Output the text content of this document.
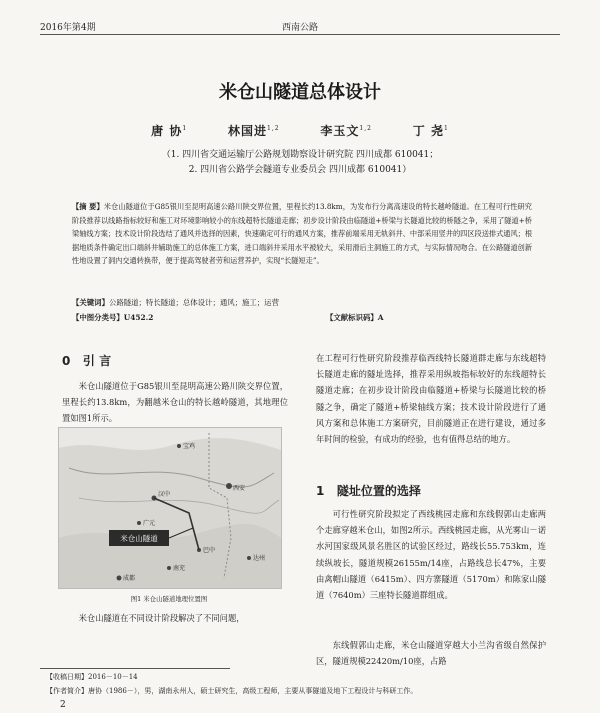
2016年第4期	西南公路
米仓山隧道总体设计
唐 协$^1$	林国进$^{1,2}$	李玉文$^{1,2}$	丁 尧$^1$
（1. 四川省交通运输厅公路规划勘察设计研究院 四川成都 610041；
2. 四川省公路学会隧道专业委员会 四川成都 610041）
【摘 要】米仓山隧道位于G85银川至昆明高速公路川陕交界位置，里程长约13.8km，为发布行分离高速设的特长越岭隧道。在工程可行性研究阶段推荐以线路指标较好和施工对环境影响较小的东线超特长隧道走廊；初步设计阶段由临隧道+桥梁与长隧道比较的桥隧之争，采用了隧道+桥梁轴线方案；技术设计阶段选结了通风并选择的因素，快速确定可行的通风方案，推荐前端采用无轨斜井、中部采用竖井的四区段送排式通风；根据地质条件确定出口端斜井辅助施工的总体施工方案，进口端斜井采用水平被较大，采用滑后主洞施工的方式，与实际情况吻合。在公路隧道创新性地设置了洞内交通转换带，便于提高驾驶者劳和运营养护，实现“长隧短走”。
【关键词】公路隧道；特长隧道；总体设计；通风；施工；运营
【中图分类号】U452.2	【文献标识码】A
0 引 言
米仓山隧道位于G85银川至昆明高速公路川陕交界位置，里程长约13.8km，为翻越米仓山的特长越岭隧道，其地理位置如图1所示。
西安
汉中
成都
巴中
南充
达州
宝鸡
广元
米仓山隧道
图1 米仓山隧道地理位置图
米仓山隧道在不同设计阶段解决了不同问题，
在工程可行性研究阶段推荐临西线特长隧道群走廊与东线超特长隧道走廊的隧址选择，推荐采用纵坡指标较好的东线超特长隧道走廊；在初步设计阶段由临隧道+桥梁与长隧道比较的桥隧之争，确定了隧道+桥梁轴线方案；技术设计阶段进行了通风方案和总体施工方案研究，目前隧道正在进行建设，通过多年时间的检验，有成功的经验，也有值得总结的地方。
1 隧址位置的选择
可行性研究阶段拟定了西线桃园走廊和东线假郭山走廊两个走廊穿越米仓山，如图2所示。西线桃园走廊，从光雾山－诺水河国家级风景名胜区的试验区经过，路线长55.753km，连续纵坡长，隧道规模26155m/14座，占路线总长47%，主要由禽帽山隧道（6415m）、四方寨隧道（5170m）和陈家山隧道（7640m）三座特长隧道群组成。
东线假郭山走廊，米仓山隧道穿越大小兰沟省级自然保护区，隧道规模22420m/10座，占路
【收稿日期】2016－10－14
【作者简介】唐协（1986－），男，湖南永州人，硕士研究生，高级工程师，主要从事隧道及地下工程设计与科研工作。
2
